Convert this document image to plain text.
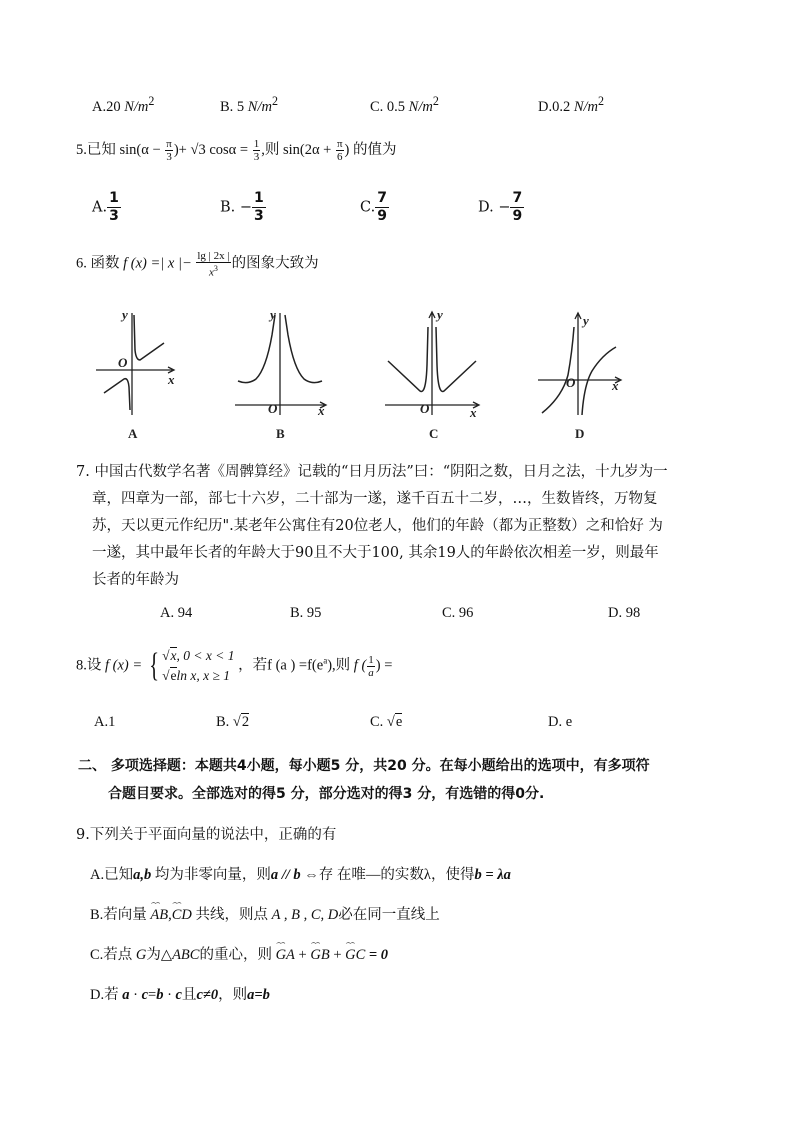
A.20 $N/m^2$	B. 5 $N/m^2$	C. 0.5 $N/m^2$	D.0.2 $N/m^2$
5.已知 $\sin(\alpha - \frac{\pi}{3}$ )+ √3 $\cos\alpha = \frac{1}{3}$ ,则 $\sin(2\alpha + \frac{\pi}{6}$ ) 的值为
A. $\frac{1}{3}$	B. − $\frac{1}{3}$	C. $\frac{7}{9}$	D. − $\frac{7}{9}$
6. 函数 f (x) =| x |− $\frac{\lg | 2x |}{x^3}$ 的图象大致为
y
x
O
A
y
x
O
B
y
x
O
C
y
x
O
D
7. 中国古代数学名著《周髀算经》记载的“日月历法”曰：“阴阳之数，日月之法，十九岁为一
章，四章为一部，部七十六岁，二十部为一遂，遂千百五十二岁，…，生数皆终，万物复
苏，天以更元作纪历".某老年公寓住有20位老人，他们的年龄（都为正整数）之和恰好 为
一遂，其中最年长者的年龄大于90且不大于100, 其余19人的年龄依次相差一岁，则最年
长者的年龄为
A. 94	B. 95	C. 96	D. 98
8.设 f (x) = { √x, 0 < x < 1
√eln x, x ≥ 1
，若f (a ) $=f(e^a)$,则 f ( $\frac{1}{a}$ ) =
A.1	B. √2	C. √e	D. e
二、 多项选择题：本题共4小题，每小题5 分，共20 分。在每小题给出的选项中，有多项符
合题目要求。全部选对的得5 分，部分选对的得3 分，有选错的得0分.
9.下列关于平面向量的说法中，正确的有
A.已知a,b 均为非零向量，则a // b ⇔存 在唯—的实数λ，使得b = λa
B.若向量 ⌢⌢ AB,⌢⌢ CD 共线，则点 A , B , C, D必在同一直线上
C.若点 G为△ABC的重心，则 ⌢⌢ GA + ⌢⌢ GB + ⌢⌢ GC = 0
D.若 a · c=b · c且c≠0，则a=b
